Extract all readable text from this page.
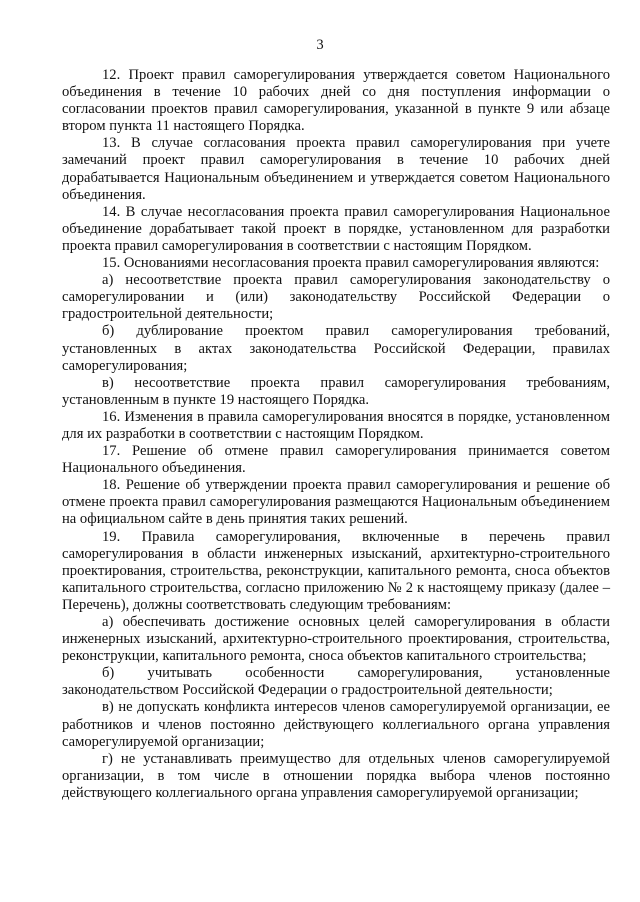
3

12. Проект правил саморегулирования утверждается советом Национального объединения в течение 10 рабочих дней со дня поступления информации о согласовании проектов правил саморегулирования, указанной в пункте 9 или абзаце втором пункта 11 настоящего Порядка.

13. В случае согласования проекта правил саморегулирования при учете замечаний проект правил саморегулирования в течение 10 рабочих дней дорабатывается Национальным объединением и утверждается советом Национального объединения.

14. В случае несогласования проекта правил саморегулирования Национальное объединение дорабатывает такой проект в порядке, установленном для разработки проекта правил саморегулирования в соответствии с настоящим Порядком.

15. Основаниями несогласования проекта правил саморегулирования являются:

а) несоответствие проекта правил саморегулирования законодательству о саморегулировании и (или) законодательству Российской Федерации о градостроительной деятельности;

б) дублирование проектом правил саморегулирования требований, установленных в актах законодательства Российской Федерации, правилах саморегулирования;

в) несоответствие проекта правил саморегулирования требованиям, установленным в пункте 19 настоящего Порядка.

16. Изменения в правила саморегулирования вносятся в порядке, установленном для их разработки в соответствии с настоящим Порядком.

17. Решение об отмене правил саморегулирования принимается советом Национального объединения.

18. Решение об утверждении проекта правил саморегулирования и решение об отмене проекта правил саморегулирования размещаются Национальным объединением на официальном сайте в день принятия таких решений.

19. Правила саморегулирования, включенные в перечень правил саморегулирования в области инженерных изысканий, архитектурно-строительного проектирования, строительства, реконструкции, капитального ремонта, сноса объектов капитального строительства, согласно приложению № 2 к настоящему приказу (далее – Перечень), должны соответствовать следующим требованиям:

а) обеспечивать достижение основных целей саморегулирования в области инженерных изысканий, архитектурно-строительного проектирования, строительства, реконструкции, капитального ремонта, сноса объектов капитального строительства;

б) учитывать особенности саморегулирования, установленные законодательством Российской Федерации о градостроительной деятельности;

в) не допускать конфликта интересов членов саморегулируемой организации, ее работников и членов постоянно действующего коллегиального органа управления саморегулируемой организации;

г) не устанавливать преимущество для отдельных членов саморегулируемой организации, в том числе в отношении порядка выбора членов постоянно действующего коллегиального органа управления саморегулируемой организации;
